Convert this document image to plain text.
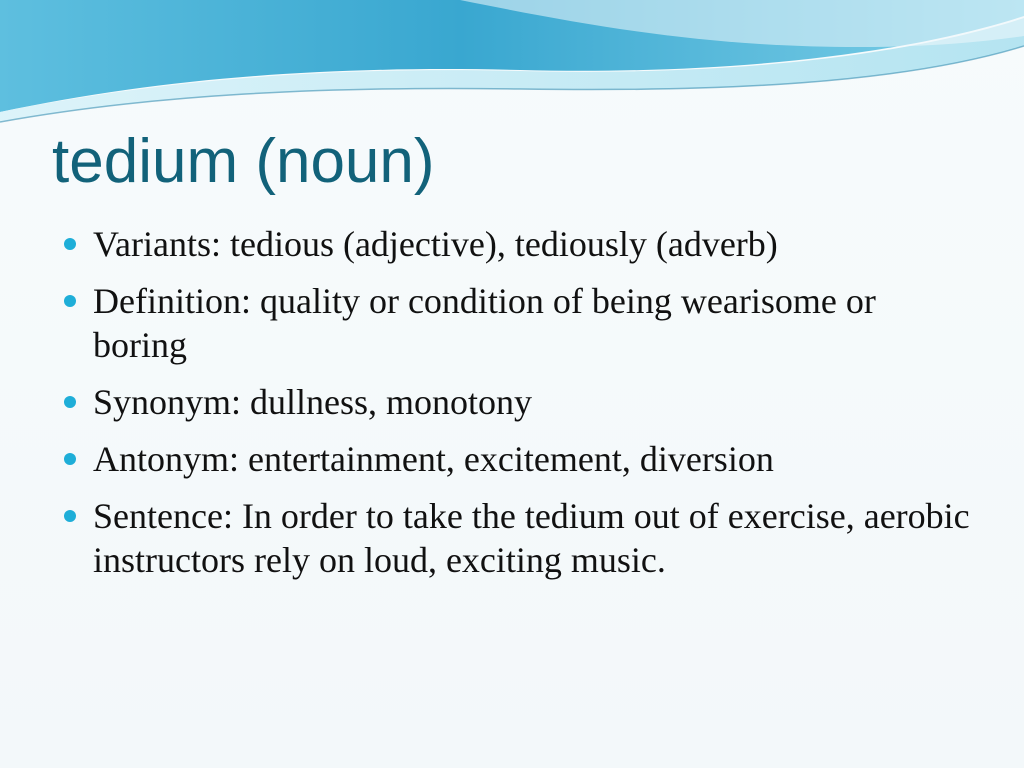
tedium (noun)
Variants: tedious (adjective), tediously (adverb)
Definition: quality or condition of being wearisome or boring
Synonym: dullness, monotony
Antonym: entertainment, excitement, diversion
Sentence: In order to take the tedium out of exercise, aerobic instructors rely on loud, exciting music.
